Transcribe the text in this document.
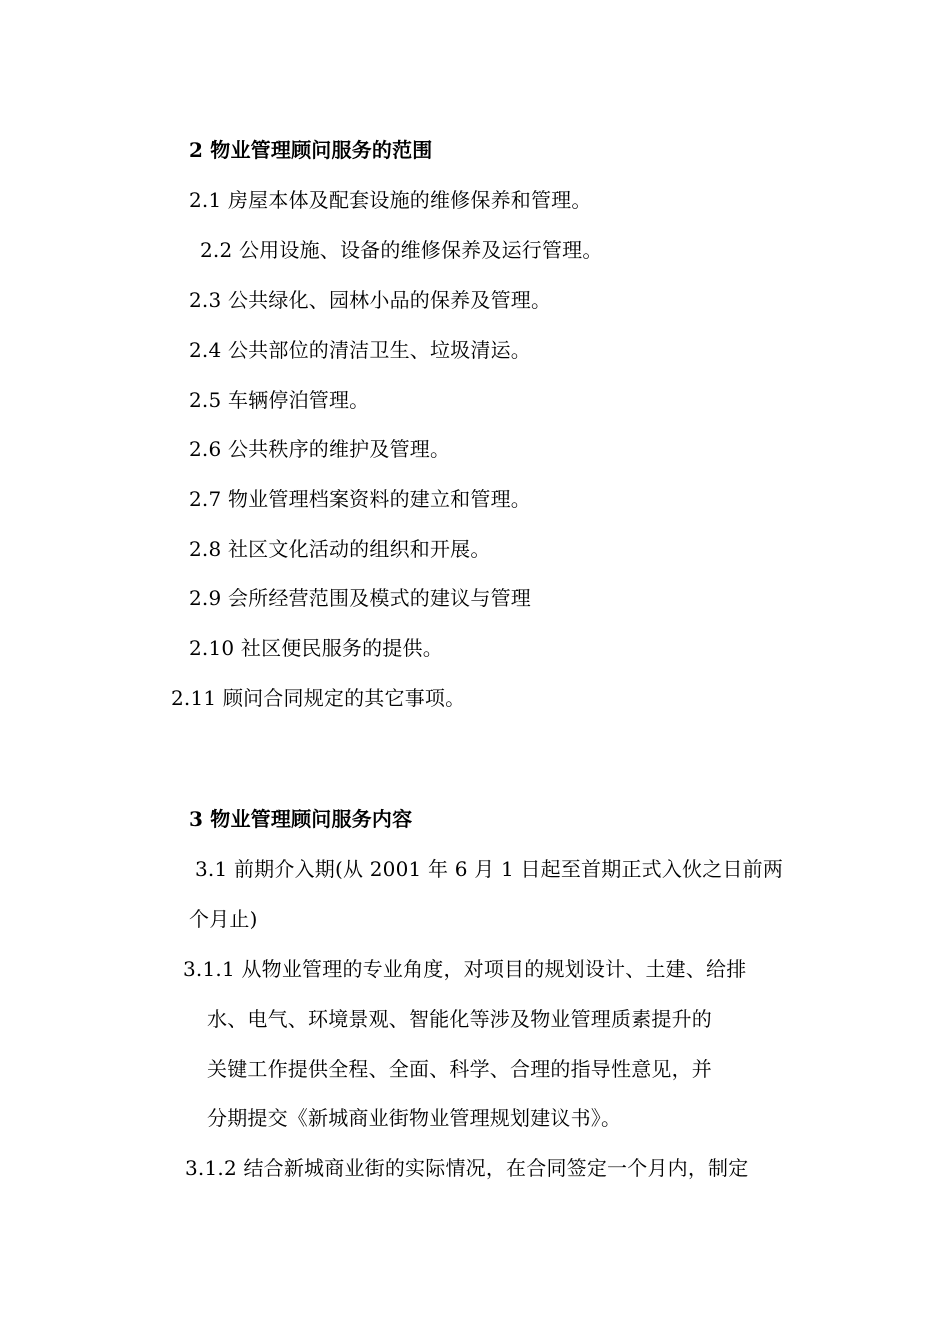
2 物业管理顾问服务的范围
2.1 房屋本体及配套设施的维修保养和管理。
2.2 公用设施、设备的维修保养及运行管理。
2.3 公共绿化、园林小品的保养及管理。
2.4 公共部位的清洁卫生、垃圾清运。
2.5 车辆停泊管理。
2.6 公共秩序的维护及管理。
2.7 物业管理档案资料的建立和管理。
2.8 社区文化活动的组织和开展。
2.9 会所经营范围及模式的建议与管理
2.10 社区便民服务的提供。
2.11 顾问合同规定的其它事项。
3 物业管理顾问服务内容
3.1 前期介入期(从 2001 年 6 月 1 日起至首期正式入伙之日前两
个月止)
3.1.1 从物业管理的专业角度，对项目的规划设计、土建、给排
水、电气、环境景观、智能化等涉及物业管理质素提升的
关键工作提供全程、全面、科学、合理的指导性意见，并
分期提交《新城商业街物业管理规划建议书》。
3.1.2 结合新城商业街的实际情况，在合同签定一个月内，制定
